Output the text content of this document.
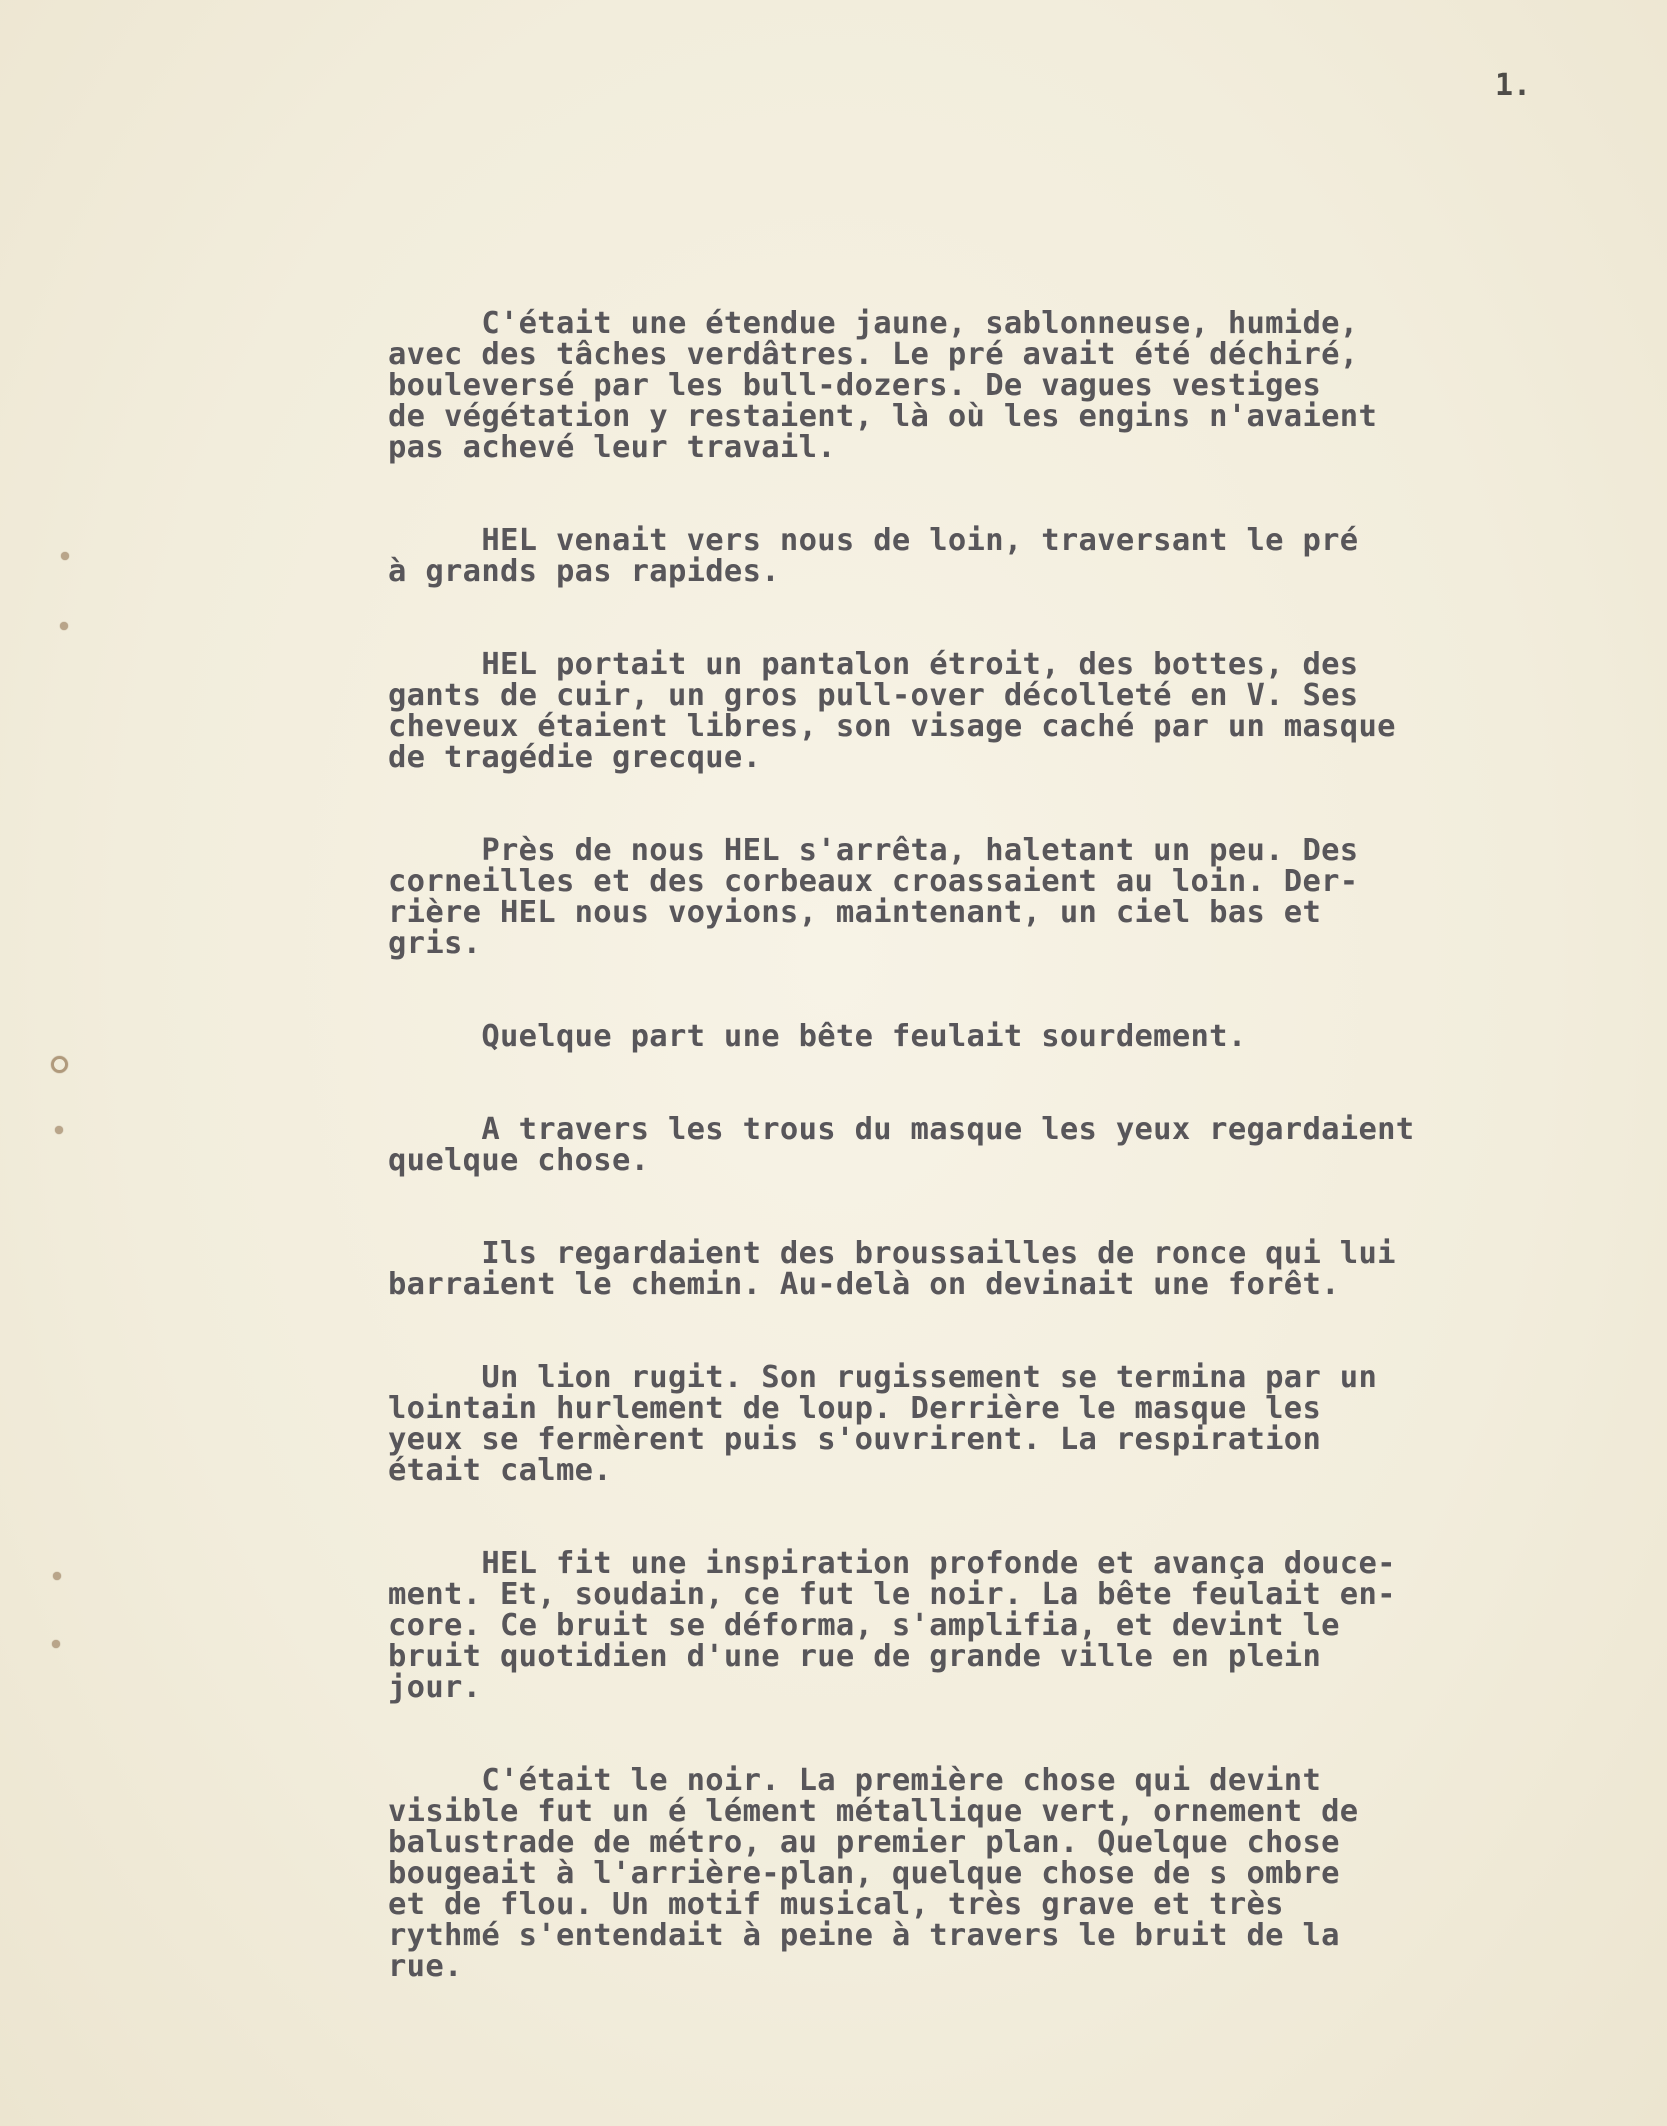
1.
C'était une étendue jaune, sablonneuse, humide,
avec des tâches verdâtres. Le pré avait été déchiré,
bouleversé par les bull-dozers. De vagues vestiges
de végétation y restaient, là où les engins n'avaient
pas achevé leur travail.
HEL venait vers nous de loin, traversant le pré
à grands pas rapides.
HEL portait un pantalon étroit, des bottes, des
gants de cuir, un gros pull-over décolleté en V. Ses
cheveux étaient libres, son visage caché par un masque
de tragédie grecque.
Près de nous HEL s'arrêta, haletant un peu. Des
corneilles et des corbeaux croassaient au loin. Der-
rière HEL nous voyions, maintenant, un ciel bas et
gris.
Quelque part une bête feulait sourdement.
A travers les trous du masque les yeux regardaient
quelque chose.
Ils regardaient des broussailles de ronce qui lui
barraient le chemin. Au-delà on devinait une forêt.
Un lion rugit. Son rugissement se termina par un
lointain hurlement de loup. Derrière le masque les
yeux se fermèrent puis s'ouvrirent. La respiration
était calme.
HEL fit une inspiration profonde et avança douce-
ment. Et, soudain, ce fut le noir. La bête feulait en-
core. Ce bruit se déforma, s'amplifia, et devint le
bruit quotidien d'une rue de grande ville en plein
jour.
C'était le noir. La première chose qui devint
visible fut un é lément métallique vert, ornement de
balustrade de métro, au premier plan. Quelque chose
bougeait à l'arrière-plan, quelque chose de s ombre
et de flou. Un motif musical, très grave et très
rythmé s'entendait à peine à travers le bruit de la
rue.
